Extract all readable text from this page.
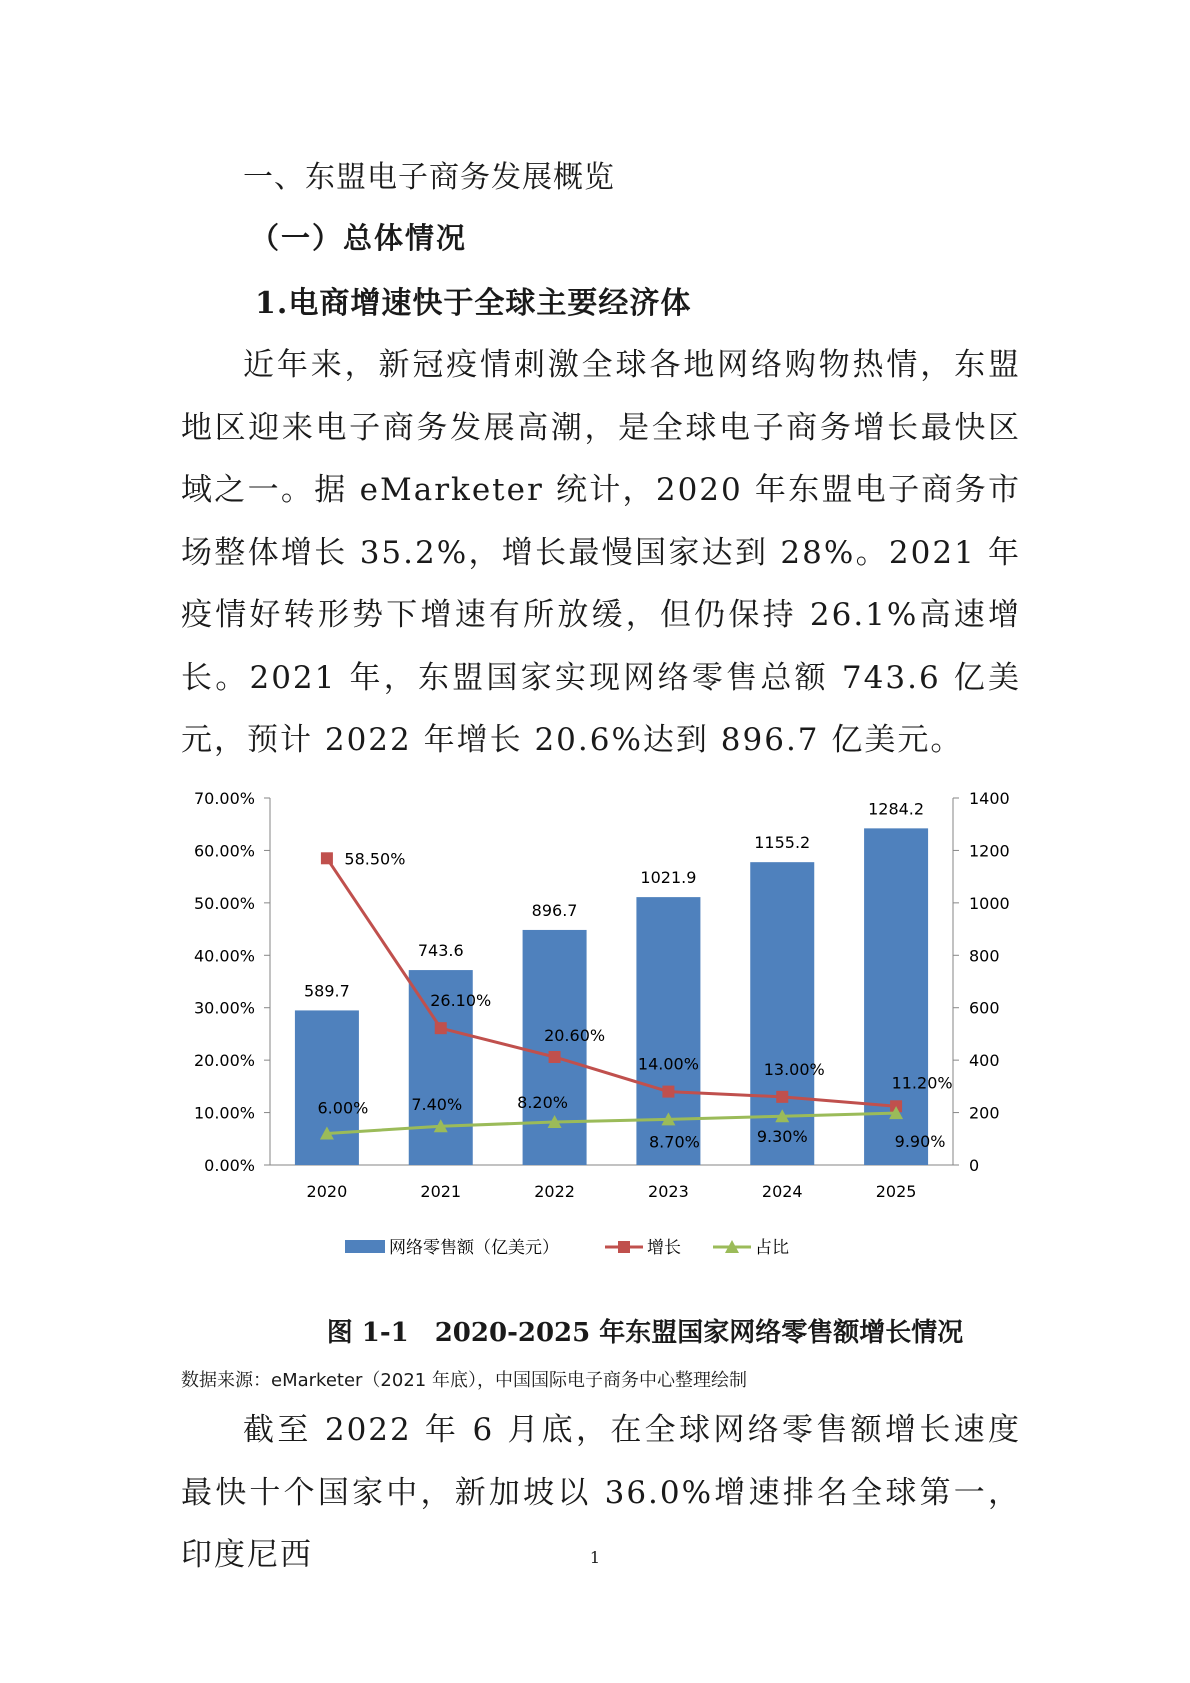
一、东盟电子商务发展概览
（一）总体情况
1.电商增速快于全球主要经济体

近年来，新冠疫情刺激全球各地网络购物热情，东盟地区迎来电子商务发展高潮，是全球电子商务增长最快区域之一。据 eMarketer 统计，2020 年东盟电子商务市场整体增长 35.2%，增长最慢国家达到 28%。2021 年疫情好转形势下增速有所放缓，但仍保持 26.1%高速增长。2021 年，东盟国家实现网络零售总额 743.6 亿美元，预计 2022 年增长 20.6%达到 896.7 亿美元。

0.00%
10.00%
20.00%
30.00%
40.00%
50.00%
60.00%
70.00%
0
200
400
600
800
1000
1200
1400
2020	2021	2022	2023	2024	2025
589.7
743.6
896.7
1021.9
1155.2
1284.2
58.50%
26.10%
20.60%
14.00%	13.00%
11.20%
6.00%	7.40%	8.20%
8.70%	9.30%	9.90%
网络零售额（亿美元）	增长	占比
图 1-1　2020-2025 年东盟国家网络零售额增长情况
数据来源：eMarketer（2021 年底），中国国际电子商务中心整理绘制

截至 2022 年 6 月底，在全球网络零售额增长速度最快十个国家中，新加坡以 36.0%增速排名全球第一，印度尼西	1
